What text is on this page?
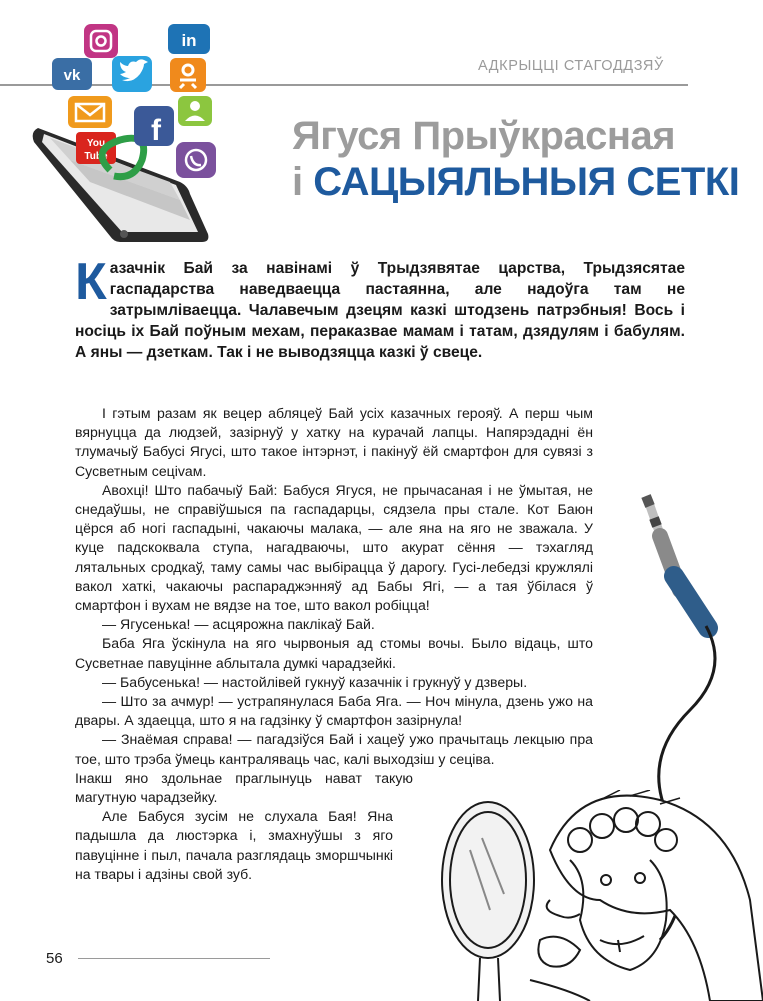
АДКРЫЦЦІ СТАГОДДЗЯЎ
You
Tube
in
vk
f	Ягуся Прыўкрасная
і САЦЫЯЛЬНЫЯ СЕТКІ
Казачнік Бай за навінамі ў Трыдзявятае царства, Трыдзясятае гаспадарства наведваецца пастаянна, але надоўга там не затрымліваецца. Чалавечым дзецям казкі штодзень патрэбныя! Вось і носіць іх Бай поўным мехам, пераказвае мамам і татам, дзядулям і бабулям. А яны — дзеткам. Так і не выводзяцца казкі ў свеце.

І гэтым разам як вецер абляцеў Бай усіх казачных герояў. А перш чым вярнуцца да людзей, зазірнуў у хатку на курачай лапцы. Напярэдадні ён тлумачыў Бабусі Ягусі, што такое інтэрнэт, і пакінуў ёй смартфон для сувязі з Сусветным сеціvам.

Авохці! Што пабачыў Бай: Бабуся Ягуся, не прычасаная і не ўмытая, не снедаўшы, не справіўшыся па гаспадарцы, сядзела пры стале. Кот Баюн цёрся аб ногі гаспадыні, чакаючы малака, — але яна на яго не зважала. У куце падскоквала ступа, нагадваючы, што акурат сёння — тэхагляд лятальных сродкаў, таму самы час выбірацца ў дарогу. Гусі-лебедзі кружлялі вакол хаткі, чакаючы распараджэнняў ад Бабы Ягі, — а тая ўбілася ў смартфон і вухам не вядзе на тое, што вакол робіцца!

— Ягусенька! — асцярожна паклікаў Бай.

Баба Яга ўскінула на яго чырвоныя ад стомы вочы. Было відаць, што Сусветнае павуціннe аблытала думкі чарадзейкі.

— Бабусенька! — настойлівей гукнуў казачнік і грукнуў у дзверы.

— Што за ачмур! — устрапянулася Баба Яга. — Ноч мінула, дзень ужо на двары. А здаецца, што я на гадзінку ў смартфон зазірнула!

— Знаёмая справа! — пагадзіўся Бай і хацеў ужо прачытаць лекцыю пра тое, што трэба ўмець кантраляваць час, калі выходзіш у сеціва.

Інакш яно здольнае праглынуць нават такую магутную чарадзейку.

Але Бабуся зусім не слухала Бая! Яна падышла да люстэрка і, змахнуўшы з яго павуціннe і пыл, пачала разглядаць зморшчынкі на твары і адзіны свой зуб.

56
